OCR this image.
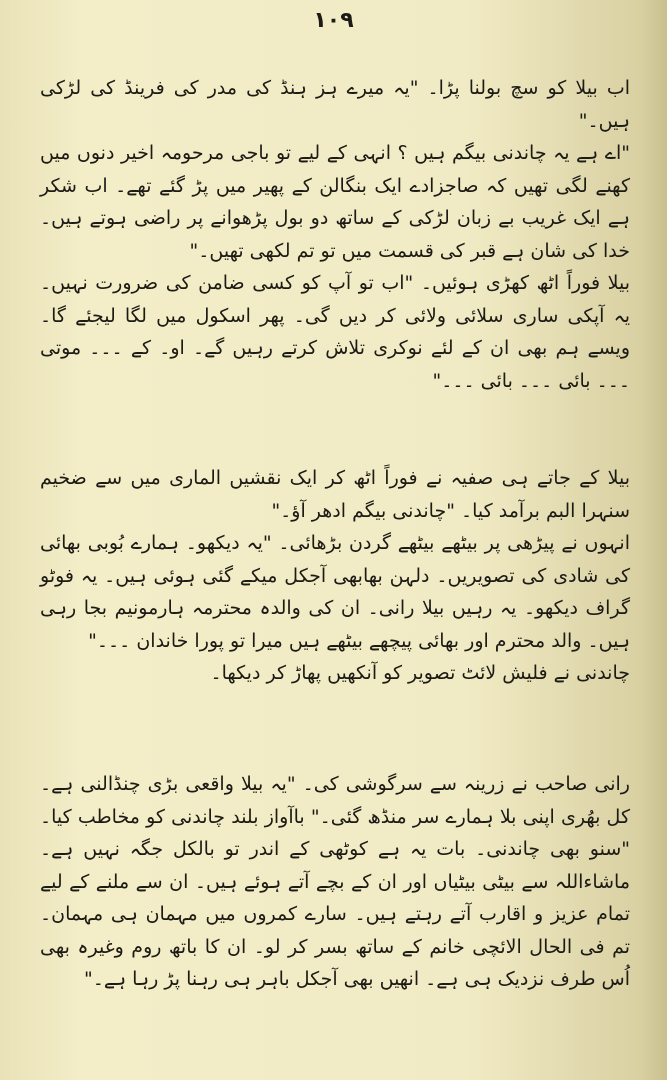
۱۰۹

اب بیلا کو سچ بولنا پڑا۔ "یہ میرے ہز ہنڈ کی مدر کی فرینڈ کی لڑکی ہیں۔"

"اے ہے یہ چاندنی بیگم ہیں ؟ انہی کے لیے تو باجی مرحومہ اخیر دنوں میں کھنے لگی تھیں کہ صاجزادے ایک بنگالن کے پھیر میں پڑ گئے تھے۔ اب شکر ہے ایک غریب بے زبان لڑکی کے ساتھ دو بول پڑھوانے پر راضی ہوتے ہیں۔ خدا کی شان ہے قبر کی قسمت میں تو تم لکھی تھیں۔"

بیلا فوراً اٹھ کھڑی ہوئیں۔ "اب تو آپ کو کسی ضامن کی ضرورت نہیں۔ یہ آپکی ساری سلائی ولائی کر دیں گی۔ پھر اسکول میں لگا لیجئے گا۔ ویسے ہم بھی ان کے لئے نوکری تلاش کرتے رہیں گے۔ او۔ کے ۔۔۔ موتی ۔۔۔ بائی ۔۔۔ بائی ۔۔۔"

بیلا کے جاتے ہی صفیہ نے فوراً اٹھ کر ایک نقشیں الماری میں سے ضخیم سنہرا البم برآمد کیا۔ "چاندنی بیگم ادھر آؤ۔"

انہوں نے پیڑھی پر بیٹھے بیٹھے گردن بڑھائی۔ "یہ دیکھو۔ ہمارے بُوبی بھائی کی شادی کی تصویریں۔ دلہن بھابھی آجکل میکے گئی ہوئی ہیں۔ یہ فوٹو گراف دیکھو۔ یہ رہیں بیلا رانی۔ ان کی والدہ محترمہ ہارمونیم بجا رہی ہیں۔ والد محترم اور بھائی پیچھے بیٹھے ہیں میرا تو پورا خاندان ۔۔۔"

چاندنی نے فلیش لائٹ تصویر کو آنکھیں پھاڑ کر دیکھا۔

رانی صاحب نے زرینہ سے سرگوشی کی۔ "یہ بیلا واقعی بڑی چنڈالنی ہے۔ کل بھُری اپنی بلا ہمارے سر منڈھ گئی۔" باآواز بلند چاندنی کو مخاطب کیا۔ "سنو بھی چاندنی۔ بات یہ ہے کوٹھی کے اندر تو بالکل جگہ نہیں ہے۔ ماشاءاللہ سے بیٹی بیٹیاں اور ان کے بچے آتے ہوئے ہیں۔ ان سے ملنے کے لیے تمام عزیز و اقارب آتے رہتے ہیں۔ سارے کمروں میں مہمان ہی مہمان۔ تم فی الحال الائچی خانم کے ساتھ بسر کر لو۔ ان کا باتھ روم وغیرہ بھی اُس طرف نزدیک ہی ہے۔ انھیں بھی آجکل باہر ہی رہنا پڑ رہا ہے۔"
